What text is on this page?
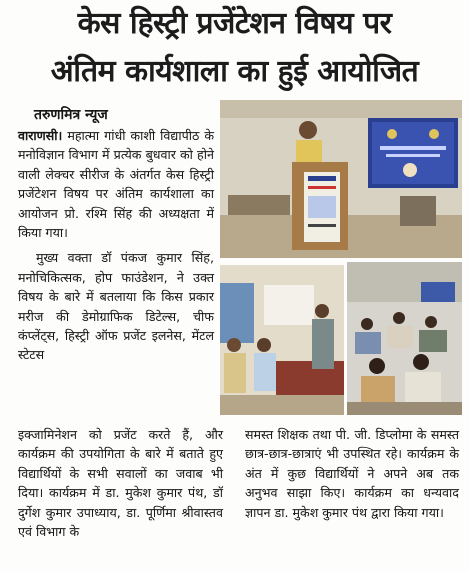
केस हिस्ट्री प्रजेंटेशन विषय पर
अंतिम कार्यशाला का हुई आयोजित
तरुणमित्र न्यूज

वाराणसी। महात्मा गांधी काशी विद्यापीठ के मनोविज्ञान विभाग में प्रत्येक बुधवार को होने वाली लेक्चर सीरीज के अंतर्गत केस हिस्ट्री प्रजेंटेशन विषय पर अंतिम कार्यशाला का आयोजन प्रो. रश्मि सिंह की अध्यक्षता में किया गया।

मुख्य वक्ता डॉ पंकज कुमार सिंह, मनोचिकित्सक, होप फाउंडेशन, ने उक्त विषय के बारे में बतलाया कि किस प्रकार मरीज की डेमोग्राफिक डिटेल्स, चीफ कंप्लेंट्स, हिस्ट्री ऑफ प्रजेंट इलनेस, मेंटल स्टेटस

इक्जामिनेशन को प्रजेंट करते हैं, और कार्यक्रम की उपयोगिता के बारे में बताते हुए विद्यार्थियों के सभी सवालों का जवाब भी दिया। कार्यक्रम में डा. मुकेश कुमार पंथ, डॉ दुर्गेश कुमार उपाध्याय, डा. पूर्णिमा श्रीवास्तव एवं विभाग के

समस्त शिक्षक तथा पी. जी. डिप्लोमा के समस्त छात्र-छात्र-छात्राएं भी उपस्थित रहे। कार्यक्रम के अंत में कुछ विद्यार्थियों ने अपने अब तक अनुभव साझा किए। कार्यक्रम का धन्यवाद ज्ञापन डा. मुकेश कुमार पंथ द्वारा किया गया।
